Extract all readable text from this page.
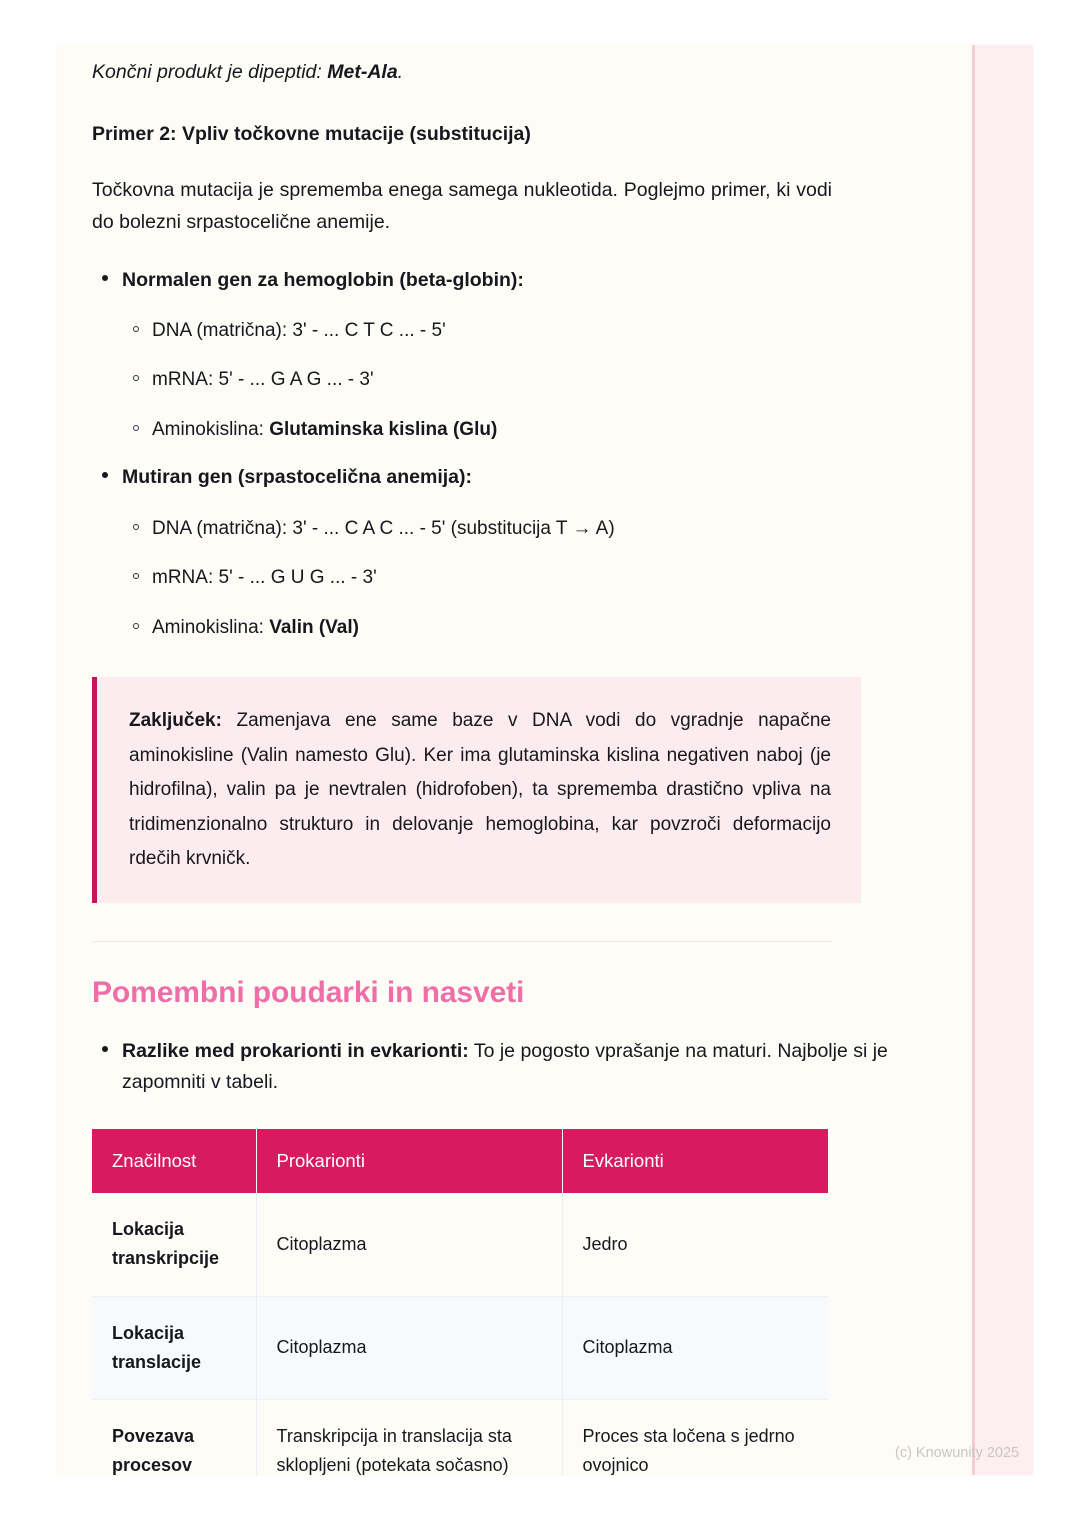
Končni produkt je dipeptid: Met-Ala.

Primer 2: Vpliv točkovne mutacije (substitucija)

Točkovna mutacija je sprememba enega samega nukleotida. Poglejmo primer, ki vodi do bolezni srpastocelične anemije.

Normalen gen za hemoglobin (beta-globin):
DNA (matrična): 3' - ... C T C ... - 5'
mRNA: 5' - ... G A G ... - 3'
Aminokislina: Glutaminska kislina (Glu)
Mutiran gen (srpastocelična anemija):
DNA (matrična): 3' - ... C A C ... - 5' (substitucija T → A)
mRNA: 5' - ... G U G ... - 3'
Aminokislina: Valin (Val)
Zaključek: Zamenjava ene same baze v DNA vodi do vgradnje napačne aminokisline (Valin namesto Glu). Ker ima glutaminska kislina negativen naboj (je hidrofilna), valin pa je nevtralen (hidrofoben), ta sprememba drastično vpliva na tridimenzionalno strukturo in delovanje hemoglobina, kar povzroči deformacijo rdečih krvničk.
Pomembni poudarki in nasveti
Razlike med prokarionti in evkarionti: To je pogosto vprašanje na maturi. Najbolje si je zapomniti v tabeli.
Značilnost	Prokarionti	Evkarionti
Lokacija transkripcije	Citoplazma	Jedro
Lokacija translacije	Citoplazma	Citoplazma
Povezava procesov	Transkripcija in translacija sta sklopljeni (potekata sočasno)	Proces sta ločena s jedrno ovojnico
(c) Knowunity 2025
